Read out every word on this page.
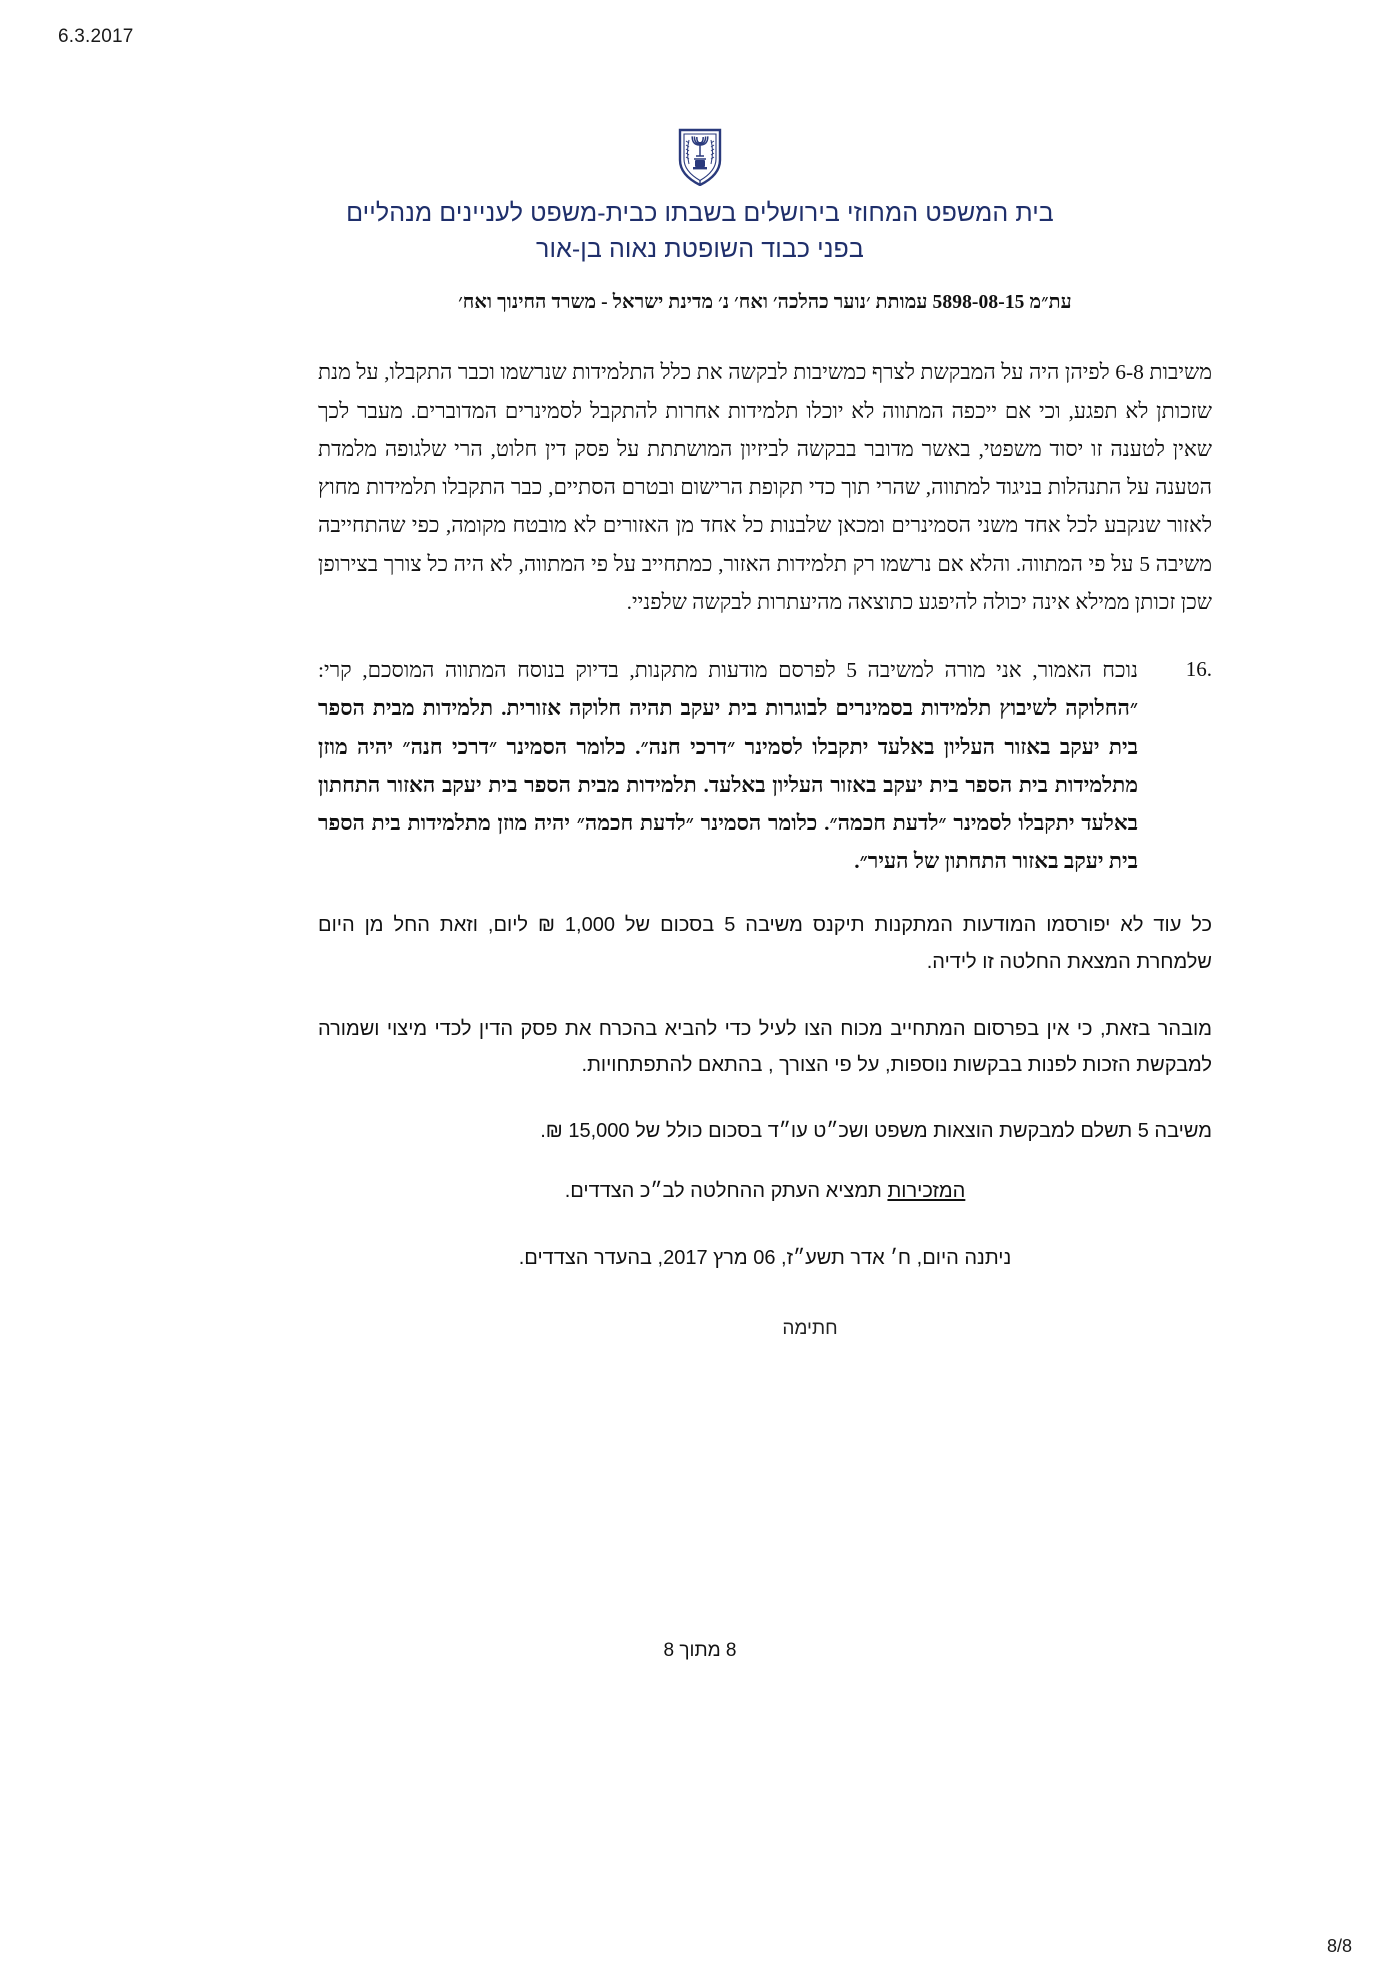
6.3.2017
בית המשפט המחוזי בירושלים בשבתו כבית-משפט לעניינים מנהליים
בפני כבוד השופטת נאוה בן-אור
עת״מ 5898-08-15 עמותת ׳נוער כהלכה׳ ואח׳ נ׳ מדינת ישראל - משרד החינוך ואח׳

משיבות 6-8 לפיהן היה על המבקשת לצרף כמשיבות לבקשה את כלל התלמידות שנרשמו וכבר התקבלו, על מנת שזכותן לא תפגע, וכי אם ייכפה המתווה לא יוכלו תלמידות אחרות להתקבל לסמינרים המדוברים. מעבר לכך שאין לטענה זו יסוד משפטי, באשר מדובר בבקשה לביזיון המושתתת על פסק דין חלוט, הרי שלגופה מלמדת הטענה על התנהלות בניגוד למתווה, שהרי תוך כדי תקופת הרישום ובטרם הסתיים, כבר התקבלו תלמידות מחוץ לאזור שנקבע לכל אחד משני הסמינרים ומכאן שלבנות כל אחד מן האזורים לא מובטח מקומה, כפי שהתחייבה משיבה 5 על פי המתווה. והלא אם נרשמו רק תלמידות האזור, כמתחייב על פי המתווה, לא היה כל צורך בצירופן שכן זכותן ממילא אינה יכולה להיפגע כתוצאה מהיעתרות לבקשה שלפניי.

16.
נוכח האמור, אני מורה למשיבה 5 לפרסם מודעות מתקנות, בדיוק בנוסח המתווה המוסכם, קרי: ״החלוקה לשיבוץ תלמידות בסמינרים לבוגרות בית יעקב תהיה חלוקה אזורית. תלמידות מבית הספר בית יעקב באזור העליון באלעד יתקבלו לסמינר ״דרכי חנה״. כלומר הסמינר ״דרכי חנה״ יהיה מוזן מתלמידות בית הספר בית יעקב באזור העליון באלעד. תלמידות מבית הספר בית יעקב האזור התחתון באלעד יתקבלו לסמינר ״לדעת חכמה״. כלומר הסמינר ״לדעת חכמה״ יהיה מוזן מתלמידות בית הספר בית יעקב באזור התחתון של העיר״.

כל עוד לא יפורסמו המודעות המתקנות תיקנס משיבה 5 בסכום של 1,000 ₪ ליום, וזאת החל מן היום שלמחרת המצאת החלטה זו לידיה.

מובהר בזאת, כי אין בפרסום המתחייב מכוח הצו לעיל כדי להביא בהכרח את פסק הדין לכדי מיצוי ושמורה למבקשת הזכות לפנות בבקשות נוספות, על פי הצורך , בהתאם להתפתחויות.

משיבה 5 תשלם למבקשת הוצאות משפט ושכ״ט עו״ד בסכום כולל של 15,000 ₪.

המזכירות תמציא העתק ההחלטה לב״כ הצדדים.
ניתנה היום, ח׳ אדר תשע״ז, 06 מרץ 2017, בהעדר הצדדים.
חתימה
8 מתוך 8
8/8
